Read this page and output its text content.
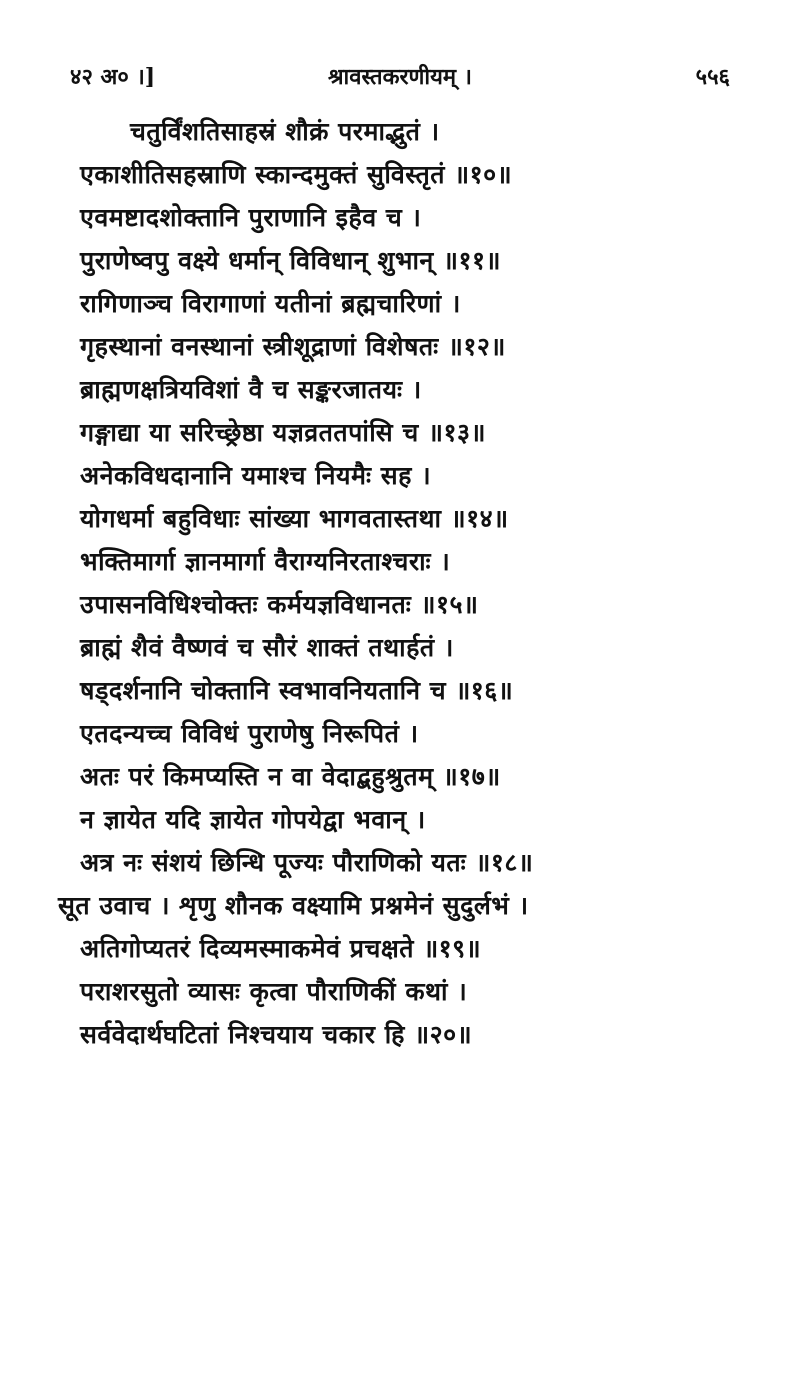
४२ अ० ।]	श्रावस्तकरणीयम् ।	५५६
चतुर्विंशतिसाहस्रं शौक्रं परमाद्भुतं ।
एकाशीतिसहस्राणि स्कान्दमुक्तं सुविस्तृतं ॥१०॥
एवमष्टादशोक्तानि पुराणानि इहैव च ।
पुराणेष्वपु वक्ष्ये धर्मान् विविधान् शुभान् ॥११॥
रागिणाञ्च विरागाणां यतीनां ब्रह्मचारिणां ।
गृहस्थानां वनस्थानां स्त्रीशूद्राणां विशेषतः ॥१२॥
ब्राह्मणक्षत्रियविशां वै च सङ्करजातयः ।
गङ्गाद्या या सरिच्छ्रेष्ठा यज्ञव्रततपांसि च ॥१३॥
अनेकविधदानानि यमाश्च नियमैः सह ।
योगधर्मा बहुविधाः सांख्या भागवतास्तथा ॥१४॥
भक्तिमार्गा ज्ञानमार्गा वैराग्यनिरताश्चराः ।
उपासनविधिश्चोक्तः कर्मयज्ञविधानतः ॥१५॥
ब्राह्मं शैवं वैष्णवं च सौरं शाक्तं तथार्हतं ।
षड्दर्शनानि चोक्तानि स्वभावनियतानि च ॥१६॥
एतदन्यच्च विविधं पुराणेषु निरूपितं ।
अतः परं किमप्यस्ति न वा वेदाद्बहुश्रुतम् ॥१७॥
न ज्ञायेत यदि ज्ञायेत गोपयेद्वा भवान् ।
अत्र नः संशयं छिन्धि पूज्यः पौराणिको यतः ॥१८॥
सूत उवाच । शृणु शौनक वक्ष्यामि प्रश्नमेनं सुदुर्लभं ।
अतिगोप्यतरं दिव्यमस्माकमेवं प्रचक्षते ॥१९॥
पराशरसुतो व्यासः कृत्वा पौराणिकीं कथां ।
सर्ववेदार्थघटितां निश्चयाय चकार हि ॥२०॥
